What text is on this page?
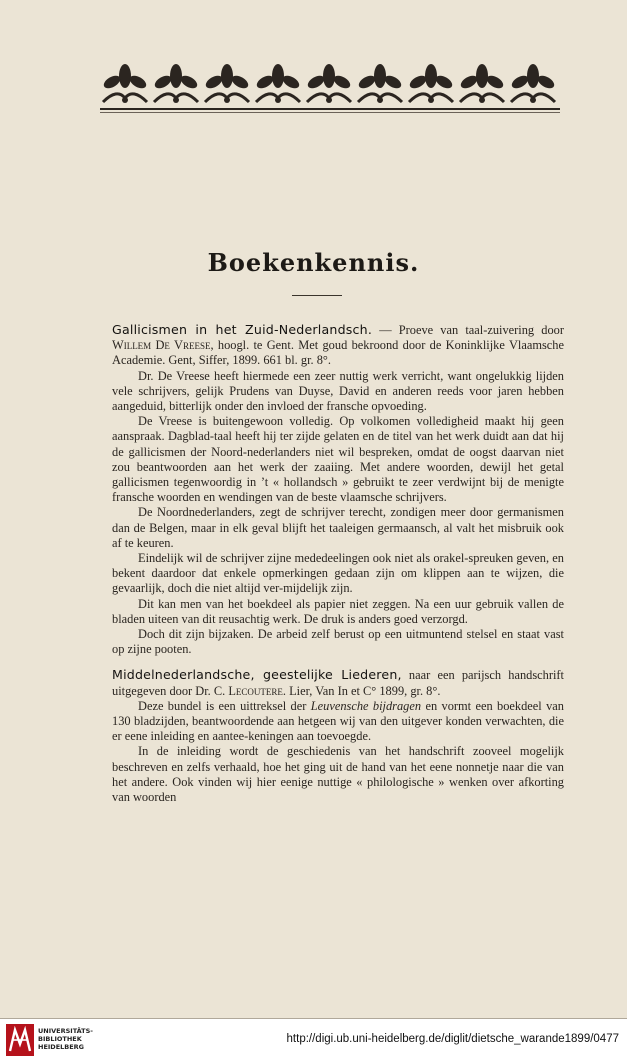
Boekenkennis.

Gallicismen in het Zuid-Nederlandsch. — Proeve van taal-zuivering door Willem De Vreese, hoogl. te Gent. Met goud bekroond door de Koninklijke Vlaamsche Academie. Gent, Siffer, 1899. 661 bl. gr. 8°.

Dr. De Vreese heeft hiermede een zeer nuttig werk verricht, want ongelukkig lijden vele schrijvers, gelijk Prudens van Duyse, David en anderen reeds voor jaren hebben aangeduid, bitterlijk onder den invloed der fransche opvoeding.

De Vreese is buitengewoon volledig. Op volkomen volledigheid maakt hij geen aanspraak. Dagblad-taal heeft hij ter zijde gelaten en de titel van het werk duidt aan dat hij de gallicismen der Noord-nederlanders niet wil bespreken, omdat de oogst daarvan niet zou beantwoorden aan het werk der zaaiing. Met andere woorden, dewijl het getal gallicismen tegenwoordig in ’t « hollandsch » gebruikt te zeer verdwijnt bij de menigte fransche woorden en wendingen van de beste vlaamsche schrijvers.

De Noordnederlanders, zegt de schrijver terecht, zondigen meer door germanismen dan de Belgen, maar in elk geval blijft het taaleigen germaansch, al valt het misbruik ook af te keuren.

Eindelijk wil de schrijver zijne mededeelingen ook niet als orakel-spreuken geven, en bekent daardoor dat enkele opmerkingen gedaan zijn om klippen aan te wijzen, die gevaarlijk, doch die niet altijd ver-mijdelijk zijn.

Dit kan men van het boekdeel als papier niet zeggen. Na een uur gebruik vallen de bladen uiteen van dit reusachtig werk. De druk is anders goed verzorgd.

Doch dit zijn bijzaken. De arbeid zelf berust op een uitmuntend stelsel en staat vast op zijne pooten.

Middelnederlandsche, geestelijke Liederen, naar een parijsch handschrift uitgegeven door Dr. C. Lecoutere. Lier, Van In et C° 1899, gr. 8°.

Deze bundel is een uittreksel der Leuvensche bijdragen en vormt een boekdeel van 130 bladzijden, beantwoordende aan hetgeen wij van den uitgever konden verwachten, die er eene inleiding en aantee-keningen aan toevoegde.

In de inleiding wordt de geschiedenis van het handschrift zooveel mogelijk beschreven en zelfs verhaald, hoe het ging uit de hand van het eene nonnetje naar die van het andere. Ook vinden wij hier eenige nuttige « philologische » wenken over afkorting van woorden

UNIVERSITÄTS-
BIBLIOTHEK
HEIDELBERG
http://digi.ub.uni-heidelberg.de/diglit/dietsche_warande1899/0477
